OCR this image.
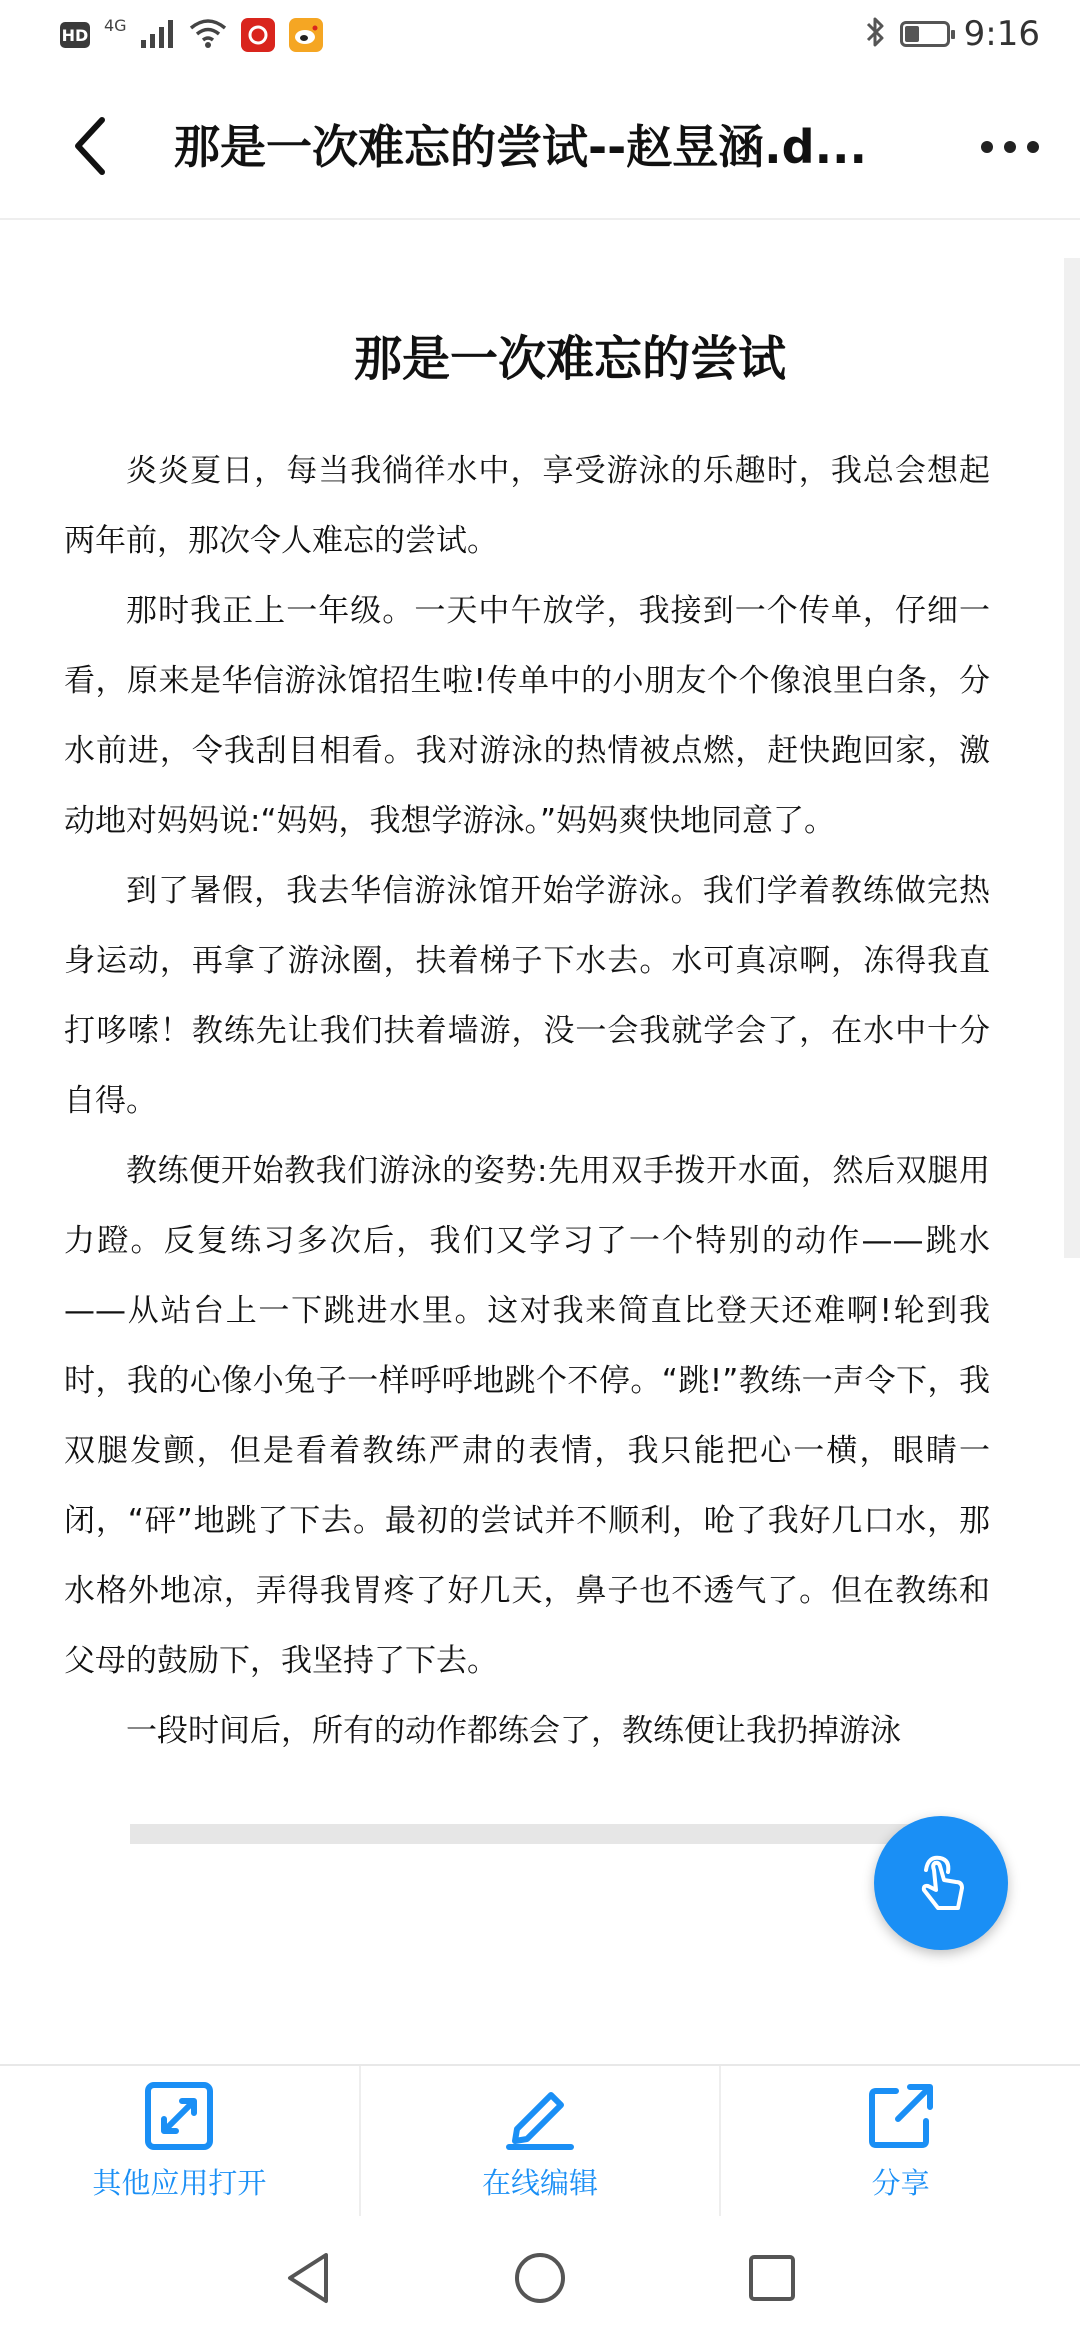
HD 4G	9:16
那是一次难忘的尝试--赵昱涵.d...
那是一次难忘的尝试

炎炎夏日，每当我徜徉水中，享受游泳的乐趣时，我总会想起两年前，那次令人难忘的尝试。

那时我正上一年级。一天中午放学，我接到一个传单，仔细一看，原来是华信游泳馆招生啦!传单中的小朋友个个像浪里白条，分水前进，令我刮目相看。我对游泳的热情被点燃，赶快跑回家，激动地对妈妈说:“妈妈，我想学游泳。”妈妈爽快地同意了。

到了暑假，我去华信游泳馆开始学游泳。我们学着教练做完热身运动，再拿了游泳圈，扶着梯子下水去。水可真凉啊，冻得我直打哆嗦！教练先让我们扶着墙游，没一会我就学会了，在水中十分自得。

教练便开始教我们游泳的姿势:先用双手拨开水面，然后双腿用力蹬。反复练习多次后，我们又学习了一个特别的动作——跳水——从站台上一下跳进水里。这对我来简直比登天还难啊!轮到我时，我的心像小兔子一样呼呼地跳个不停。“跳!”教练一声令下，我双腿发颤，但是看着教练严肃的表情，我只能把心一横，眼睛一闭，“砰”地跳了下去。最初的尝试并不顺利，呛了我好几口水，那水格外地凉，弄得我胃疼了好几天，鼻子也不透气了。但在教练和父母的鼓励下，我坚持了下去。

一段时间后，所有的动作都练会了，教练便让我扔掉游泳

其他应用打开	在线编辑	分享
